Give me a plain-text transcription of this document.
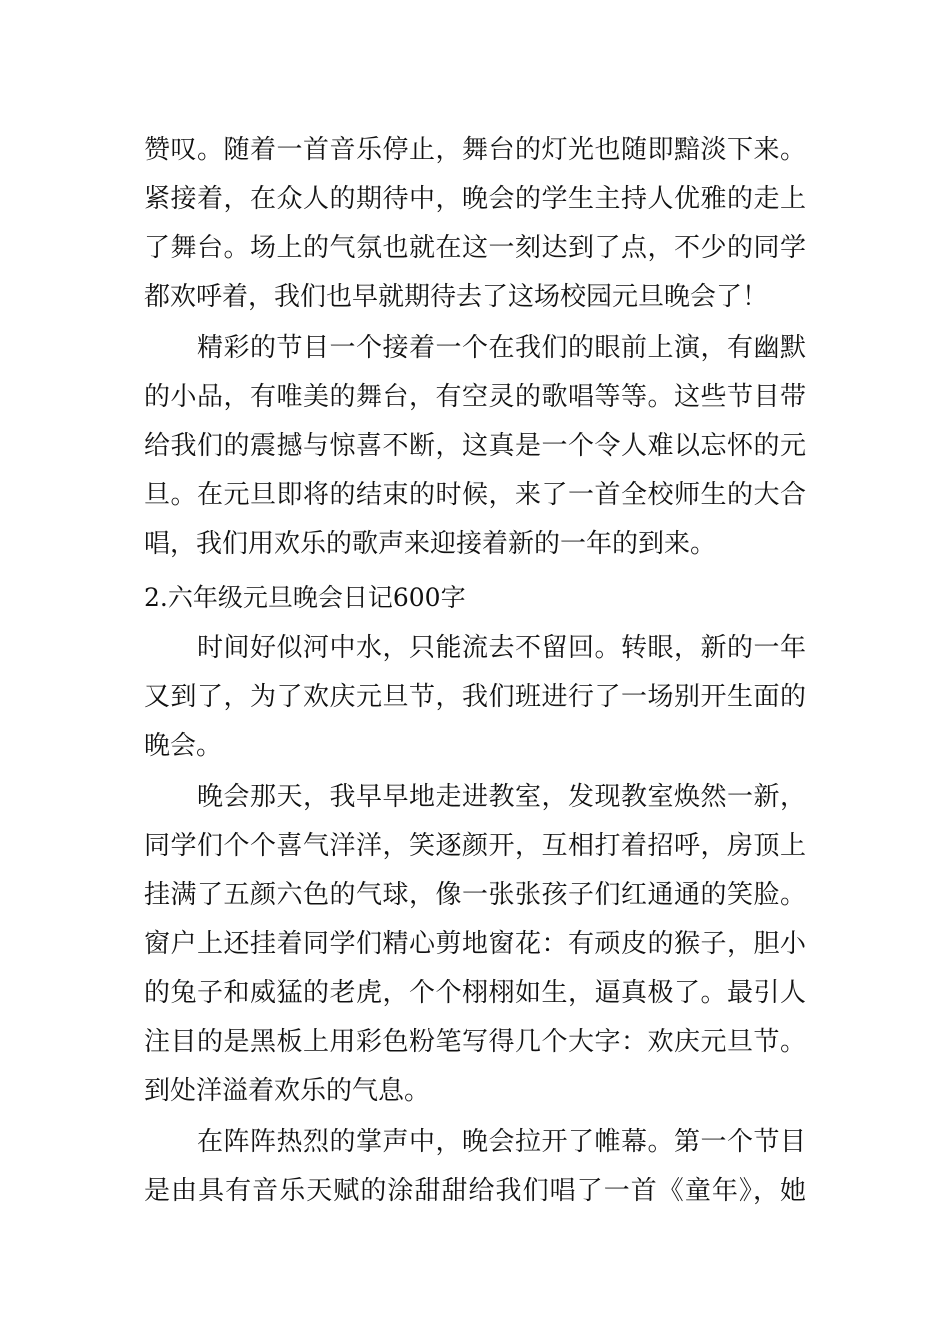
赞叹。随着一首音乐停止，舞台的灯光也随即黯淡下来。
紧接着，在众人的期待中，晚会的学生主持人优雅的走上
了舞台。场上的气氛也就在这一刻达到了点，不少的同学
都欢呼着，我们也早就期待去了这场校园元旦晚会了！
精彩的节目一个接着一个在我们的眼前上演，有幽默
的小品，有唯美的舞台，有空灵的歌唱等等。这些节目带
给我们的震撼与惊喜不断，这真是一个令人难以忘怀的元
旦。在元旦即将的结束的时候，来了一首全校师生的大合
唱，我们用欢乐的歌声来迎接着新的一年的到来。
2.六年级元旦晚会日记600字
时间好似河中水，只能流去不留回。转眼，新的一年
又到了，为了欢庆元旦节，我们班进行了一场别开生面的
晚会。
晚会那天，我早早地走进教室，发现教室焕然一新，
同学们个个喜气洋洋，笑逐颜开，互相打着招呼，房顶上
挂满了五颜六色的气球，像一张张孩子们红通通的笑脸。
窗户上还挂着同学们精心剪地窗花：有顽皮的猴子，胆小
的兔子和威猛的老虎，个个栩栩如生，逼真极了。最引人
注目的是黑板上用彩色粉笔写得几个大字：欢庆元旦节。
到处洋溢着欢乐的气息。
在阵阵热烈的掌声中，晚会拉开了帷幕。第一个节目
是由具有音乐天赋的涂甜甜给我们唱了一首《童年》，她
